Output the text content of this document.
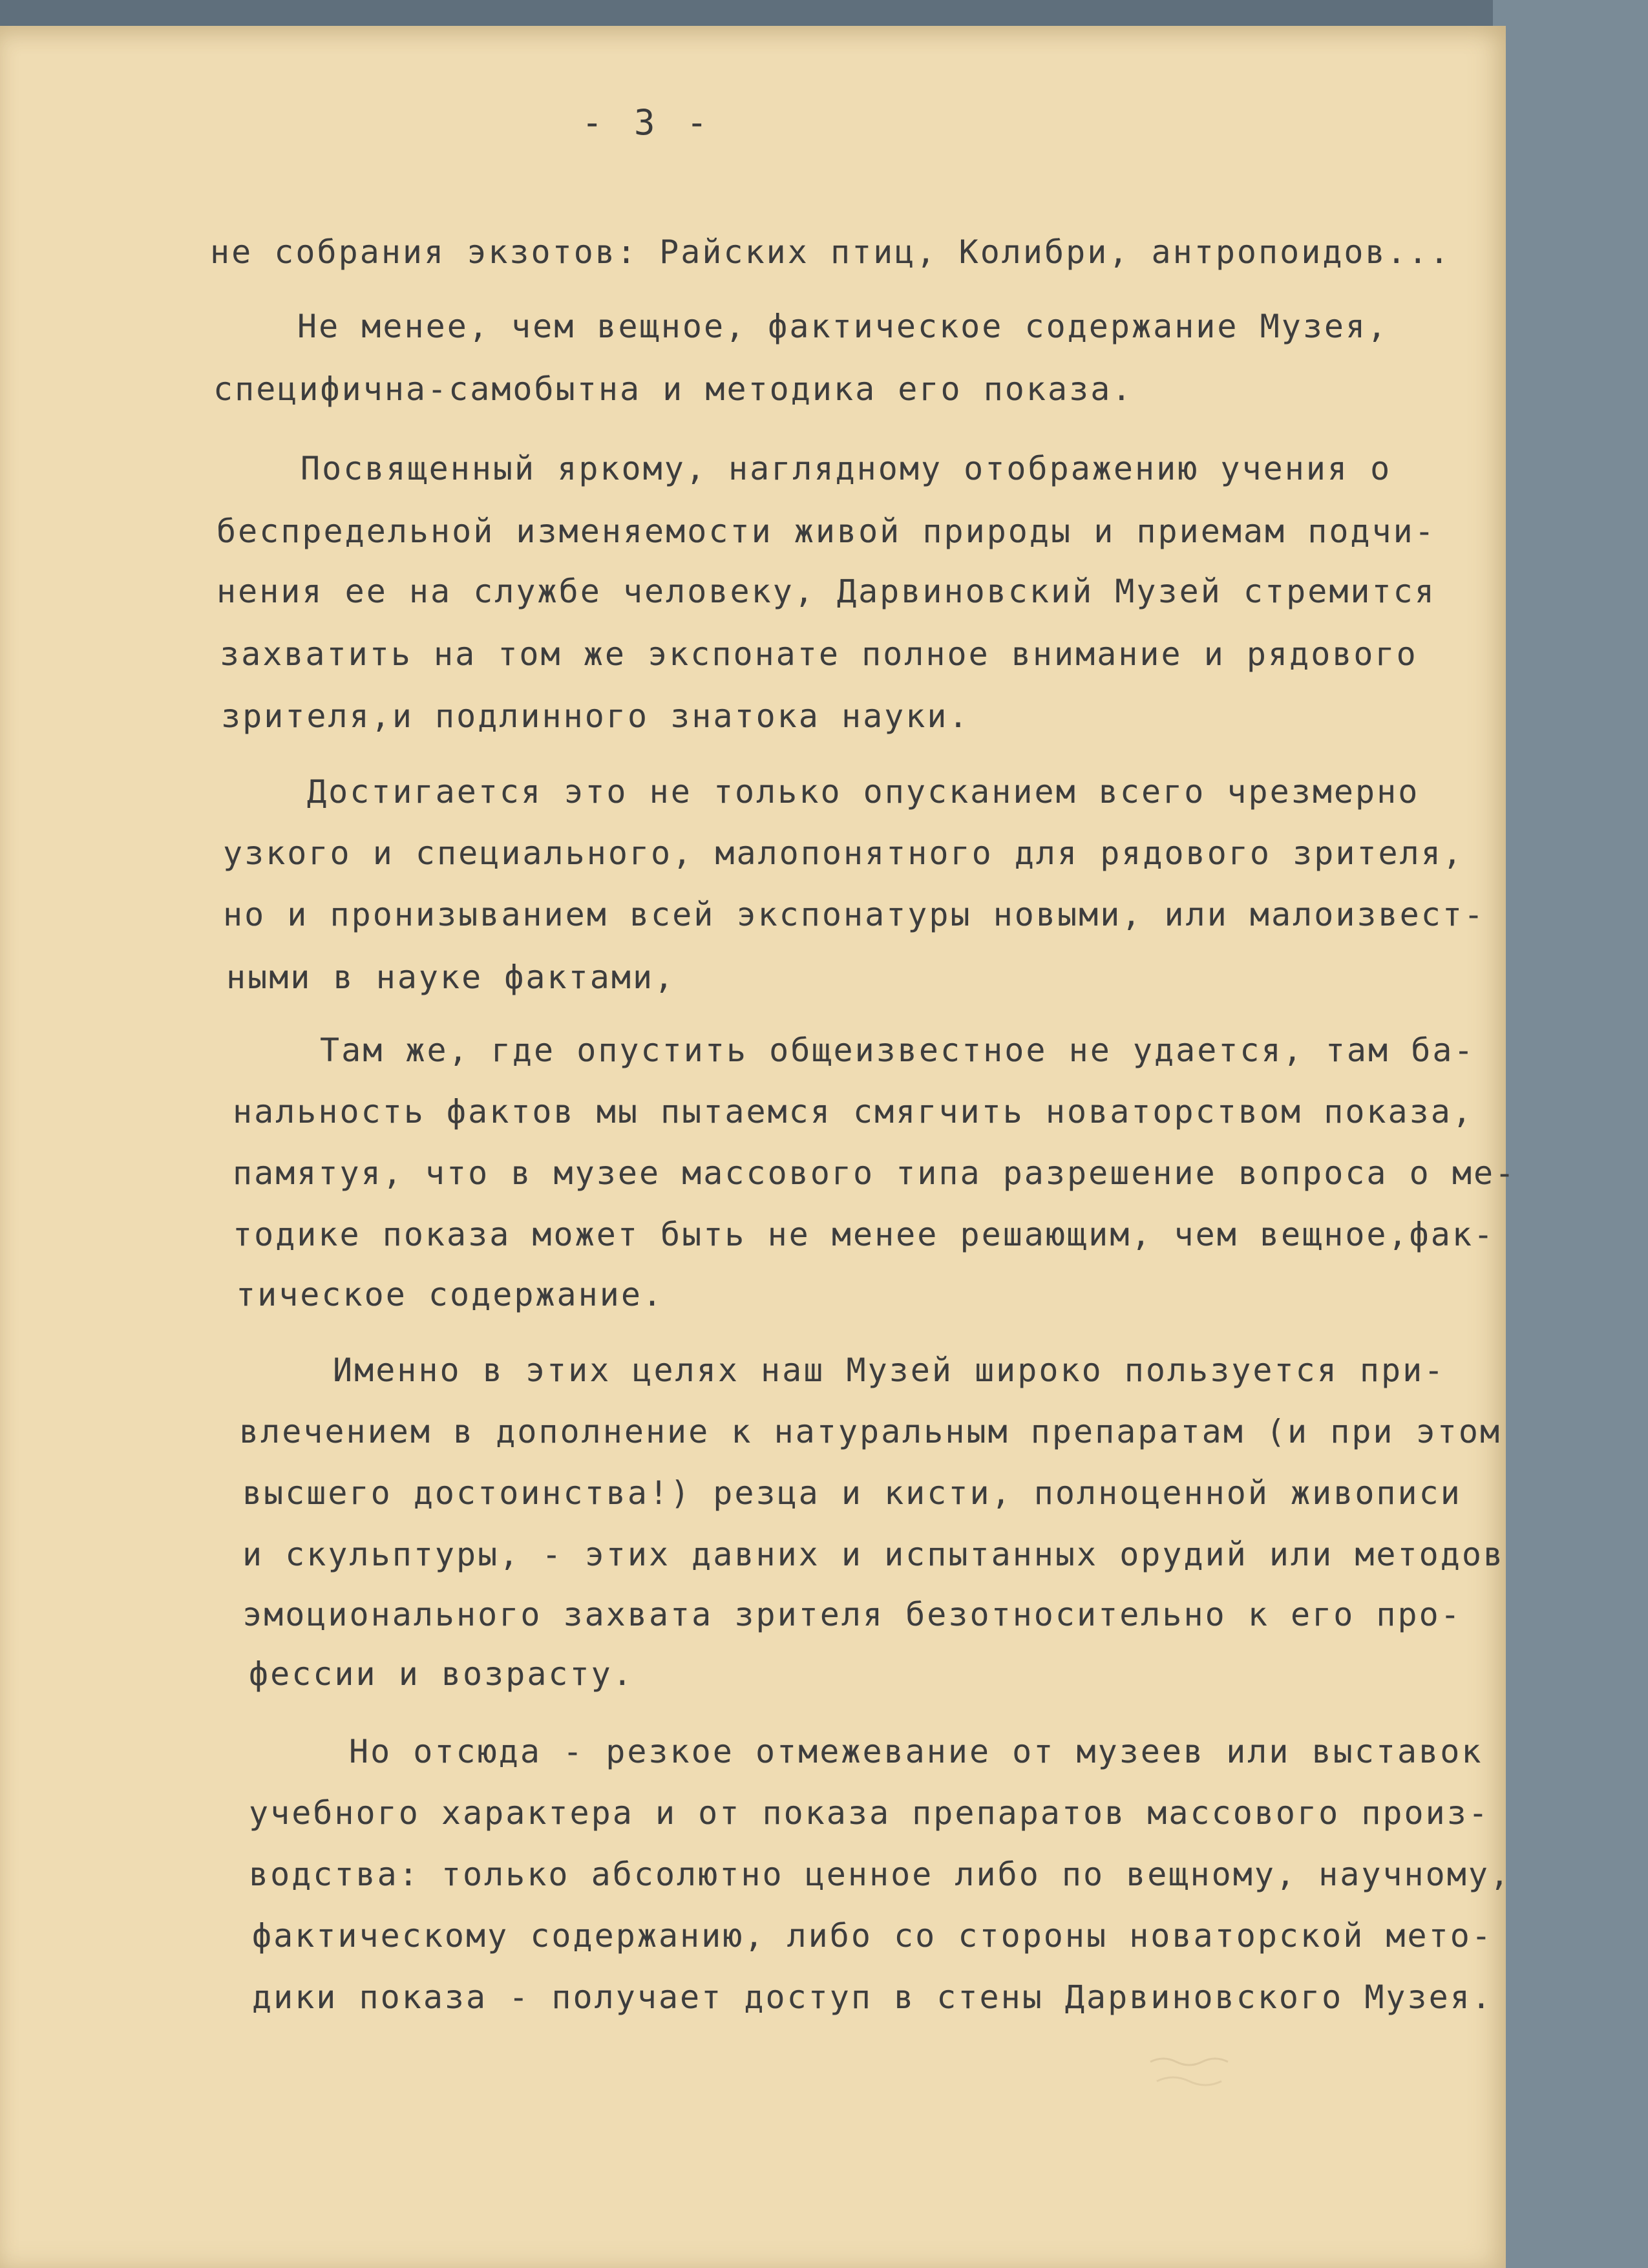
- 3 -
не собрания экзотов: Райских птиц, Колибри, антропоидов...
Не менее, чем вещное, фактическое содержание Музея,
специфична-самобытна и методика его показа.
Посвященный яркому, наглядному отображению учения о
беспредельной изменяемости живой природы и приемам подчи-
нения ее на службе человеку, Дарвиновский Музей стремится
захватить на том же экспонате полное внимание и рядового
зрителя,и подлинного знатока науки.
Достигается это не только опусканием всего чрезмерно
узкого и специального, малопонятного для рядового зрителя,
но и пронизыванием всей экспонатуры новыми, или малоизвест-
ными в науке фактами,
Там же, где опустить общеизвестное не удается, там ба-
нальность фактов мы пытаемся смягчить новаторством показа,
памятуя, что в музее массового типа разрешение вопроса о ме-
тодике показа может быть не менее решающим, чем вещное,фак-
тическое содержание.
Именно в этих целях наш Музей широко пользуется при-
влечением в дополнение к натуральным препаратам (и при этом
высшего достоинства!) резца и кисти, полноценной живописи
и скульптуры, - этих давних и испытанных орудий или методов
эмоционального захвата зрителя безотносительно к его про-
фессии и возрасту.
Но отсюда - резкое отмежевание от музеев или выставок
учебного характера и от показа препаратов массового произ-
водства: только абсолютно ценное либо по вещному, научному,
фактическому содержанию, либо со стороны новаторской мето-
дики показа - получает доступ в стены Дарвиновского Музея.
